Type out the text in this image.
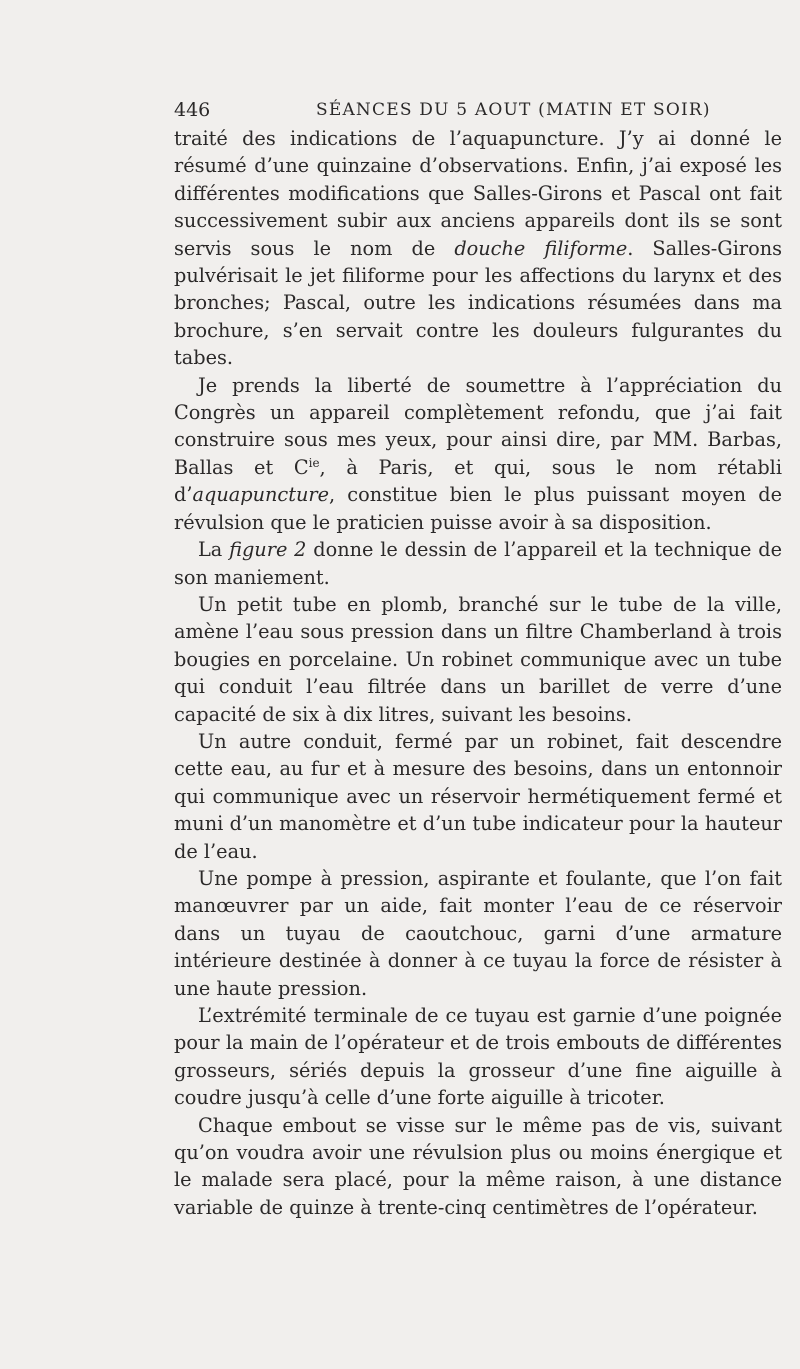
446	SÉANCES DU 5 AOUT (MATIN ET SOIR)

traité des indications de l’aquapuncture. J’y ai donné le résumé d’une quinzaine d’observations. Enfin, j’ai exposé les différentes modifications que Salles-Girons et Pascal ont fait successivement subir aux anciens appareils dont ils se sont servis sous le nom de douche filiforme. Salles-Girons pulvérisait le jet filiforme pour les affections du larynx et des bronches; Pascal, outre les indications résumées dans ma brochure, s’en servait contre les douleurs fulgurantes du tabes.

Je prends la liberté de soumettre à l’appréciation du Congrès un appareil complètement refondu, que j’ai fait construire sous mes yeux, pour ainsi dire, par MM. Barbas, Ballas et $C^{ie}$, à Paris, et qui, sous le nom rétabli d’aquapuncture, constitue bien le plus puissant moyen de révulsion que le praticien puisse avoir à sa disposition.

La figure 2 donne le dessin de l’appareil et la technique de son maniement.

Un petit tube en plomb, branché sur le tube de la ville, amène l’eau sous pression dans un filtre Chamberland à trois bougies en porcelaine. Un robinet communique avec un tube qui conduit l’eau filtrée dans un barillet de verre d’une capacité de six à dix litres, suivant les besoins.

Un autre conduit, fermé par un robinet, fait descendre cette eau, au fur et à mesure des besoins, dans un entonnoir qui communique avec un réservoir hermétiquement fermé et muni d’un manomètre et d’un tube indicateur pour la hauteur de l’eau.

Une pompe à pression, aspirante et foulante, que l’on fait manœuvrer par un aide, fait monter l’eau de ce réservoir dans un tuyau de caoutchouc, garni d’une armature intérieure destinée à donner à ce tuyau la force de résister à une haute pression.

L’extrémité terminale de ce tuyau est garnie d’une poignée pour la main de l’opérateur et de trois embouts de différentes grosseurs, sériés depuis la grosseur d’une fine aiguille à coudre jusqu’à celle d’une forte aiguille à tricoter.

Chaque embout se visse sur le même pas de vis, suivant qu’on voudra avoir une révulsion plus ou moins énergique et le malade sera placé, pour la même raison, à une distance variable de quinze à trente-cinq centimètres de l’opérateur.
